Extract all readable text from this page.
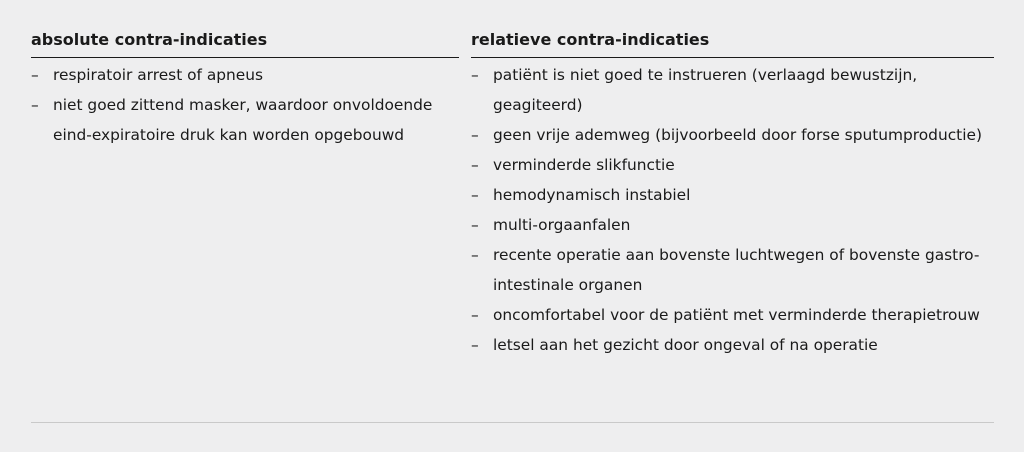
absolute contra-indicaties
– respiratoir arrest of apneus
– niet goed zittend masker, waardoor onvoldoende eind-expiratoire druk kan worden opgebouwd
relatieve contra-indicaties
– patiënt is niet goed te instrueren (verlaagd bewustzijn, geagiteerd)
– geen vrije ademweg (bijvoorbeeld door forse sputumproductie)
– verminderde slikfunctie
– hemodynamisch instabiel
– multi-orgaanfalen
– recente operatie aan bovenste luchtwegen of bovenste gastro-intestinale organen
– oncomfortabel voor de patiënt met verminderde therapietrouw
– letsel aan het gezicht door ongeval of na operatie
